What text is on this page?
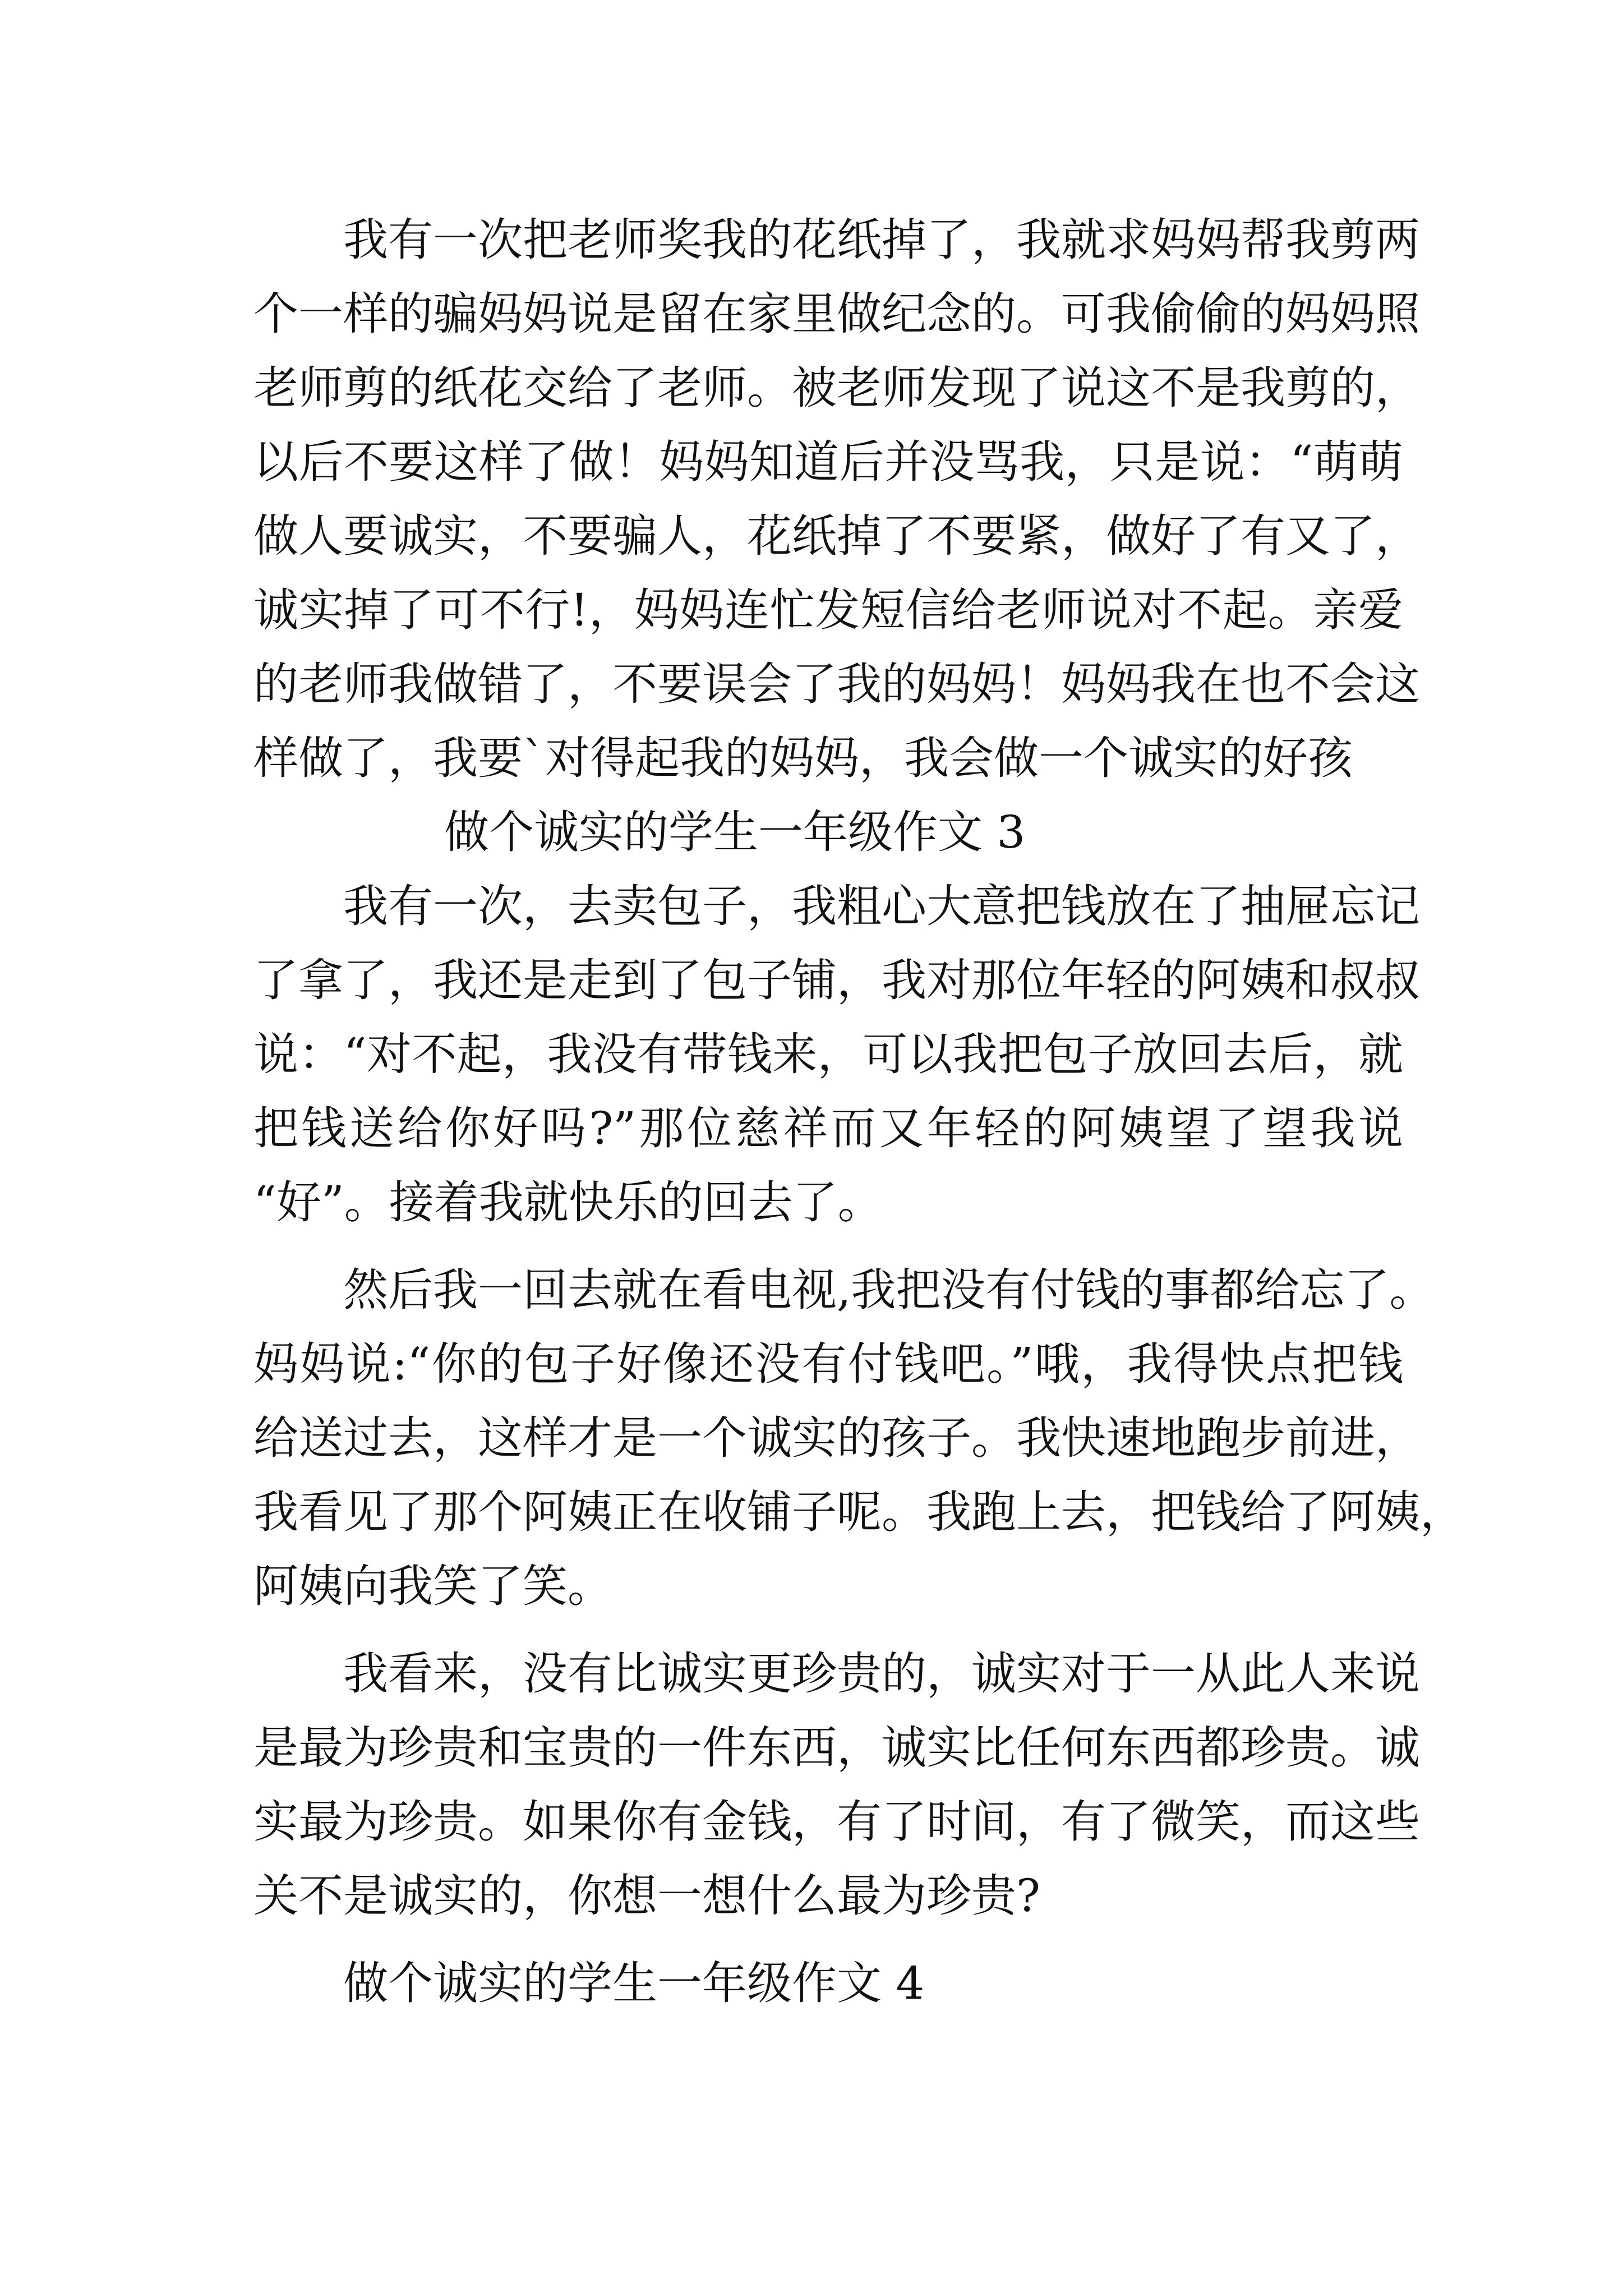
　　我有一次把老师奖我的花纸掉了，我就求妈妈帮我剪两
个一样的骗妈妈说是留在家里做纪念的。可我偷偷的妈妈照
老师剪的纸花交给了老师。被老师发现了说这不是我剪的，
以后不要这样了做！妈妈知道后并没骂我，只是说：“萌萌
做人要诚实，不要骗人，花纸掉了不要紧，做好了有又了，
诚实掉了可不行!，妈妈连忙发短信给老师说对不起。亲爱
的老师我做错了，不要误会了我的妈妈！妈妈我在也不会这
样做了，我要`对得起我的妈妈，我会做一个诚实的好孩
做个诚实的学生一年级作文 3
　　我有一次，去卖包子，我粗心大意把钱放在了抽屉忘记
了拿了，我还是走到了包子铺，我对那位年轻的阿姨和叔叔
说：“对不起，我没有带钱来，可以我把包子放回去后，就
把钱送给你好吗?”那位慈祥而又年轻的阿姨望了望我说
“好”。接着我就快乐的回去了。
　　然后我一回去就在看电视,我把没有付钱的事都给忘了。
妈妈说:“你的包子好像还没有付钱吧。”哦，我得快点把钱
给送过去，这样才是一个诚实的孩子。我快速地跑步前进，
我看见了那个阿姨正在收铺子呢。我跑上去，把钱给了阿姨，
阿姨向我笑了笑。
　　我看来，没有比诚实更珍贵的，诚实对于一从此人来说
是最为珍贵和宝贵的一件东西，诚实比任何东西都珍贵。诚
实最为珍贵。如果你有金钱，有了时间，有了微笑，而这些
关不是诚实的，你想一想什么最为珍贵?
　　做个诚实的学生一年级作文 4
